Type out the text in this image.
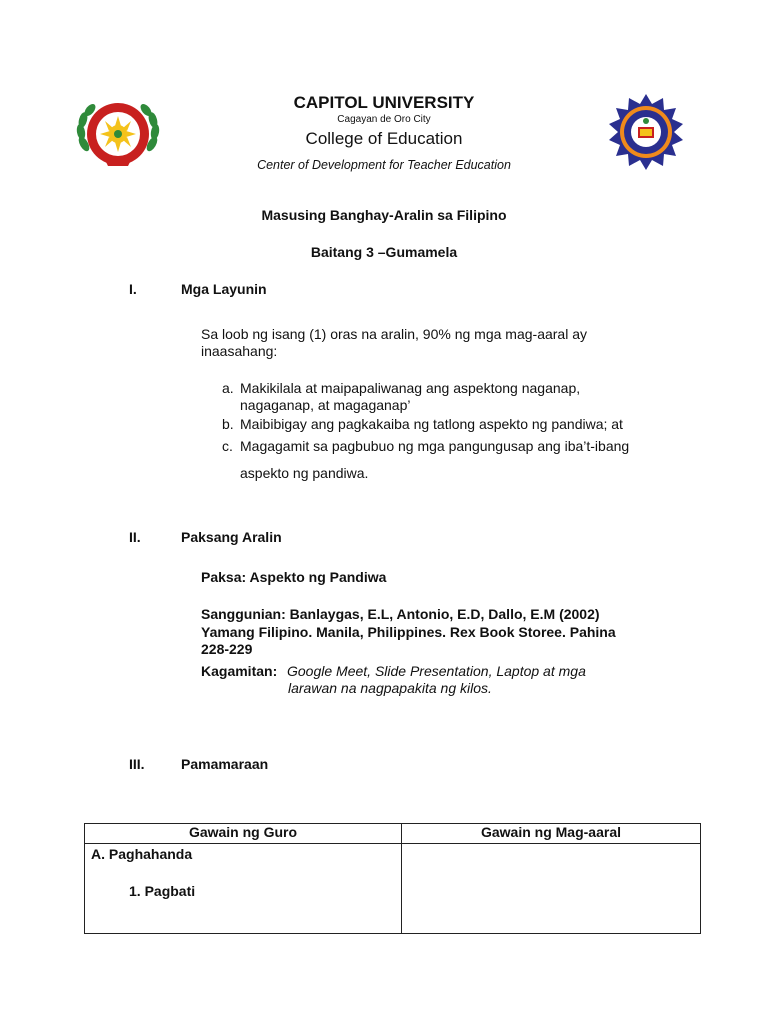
CAPITOL UNIVERSITY
Cagayan de Oro City
College of Education
Center of Development for Teacher Education
Masusing Banghay-Aralin sa Filipino
Baitang 3 –Gumamela
I.	Mga Layunin
Sa loob ng isang (1) oras na aralin, 90% ng mga mag-aaral ay
inaasahang:
a. Makikilala at maipapaliwanag ang aspektong naganap,
nagaganap, at magaganap’
b. Maibibigay ang pagkakaiba ng tatlong aspekto ng pandiwa; at
c. Magagamit sa pagbubuo ng mga pangungusap ang iba’t-ibang
aspekto ng pandiwa.
II.	Paksang Aralin
Paksa: Aspekto ng Pandiwa
Sanggunian: Banlaygas, E.L, Antonio, E.D, Dallo, E.M (2002)
Yamang Filipino. Manila, Philippines. Rex Book Storee. Pahina
228-229
Kagamitan: Google Meet, Slide Presentation, Laptop at mga
larawan na nagpapakita ng kilos.
III.	Pamamaraan
Gawain ng Guro	Gawain ng Mag-aaral

A. Paghahanda
1. Pagbati	
